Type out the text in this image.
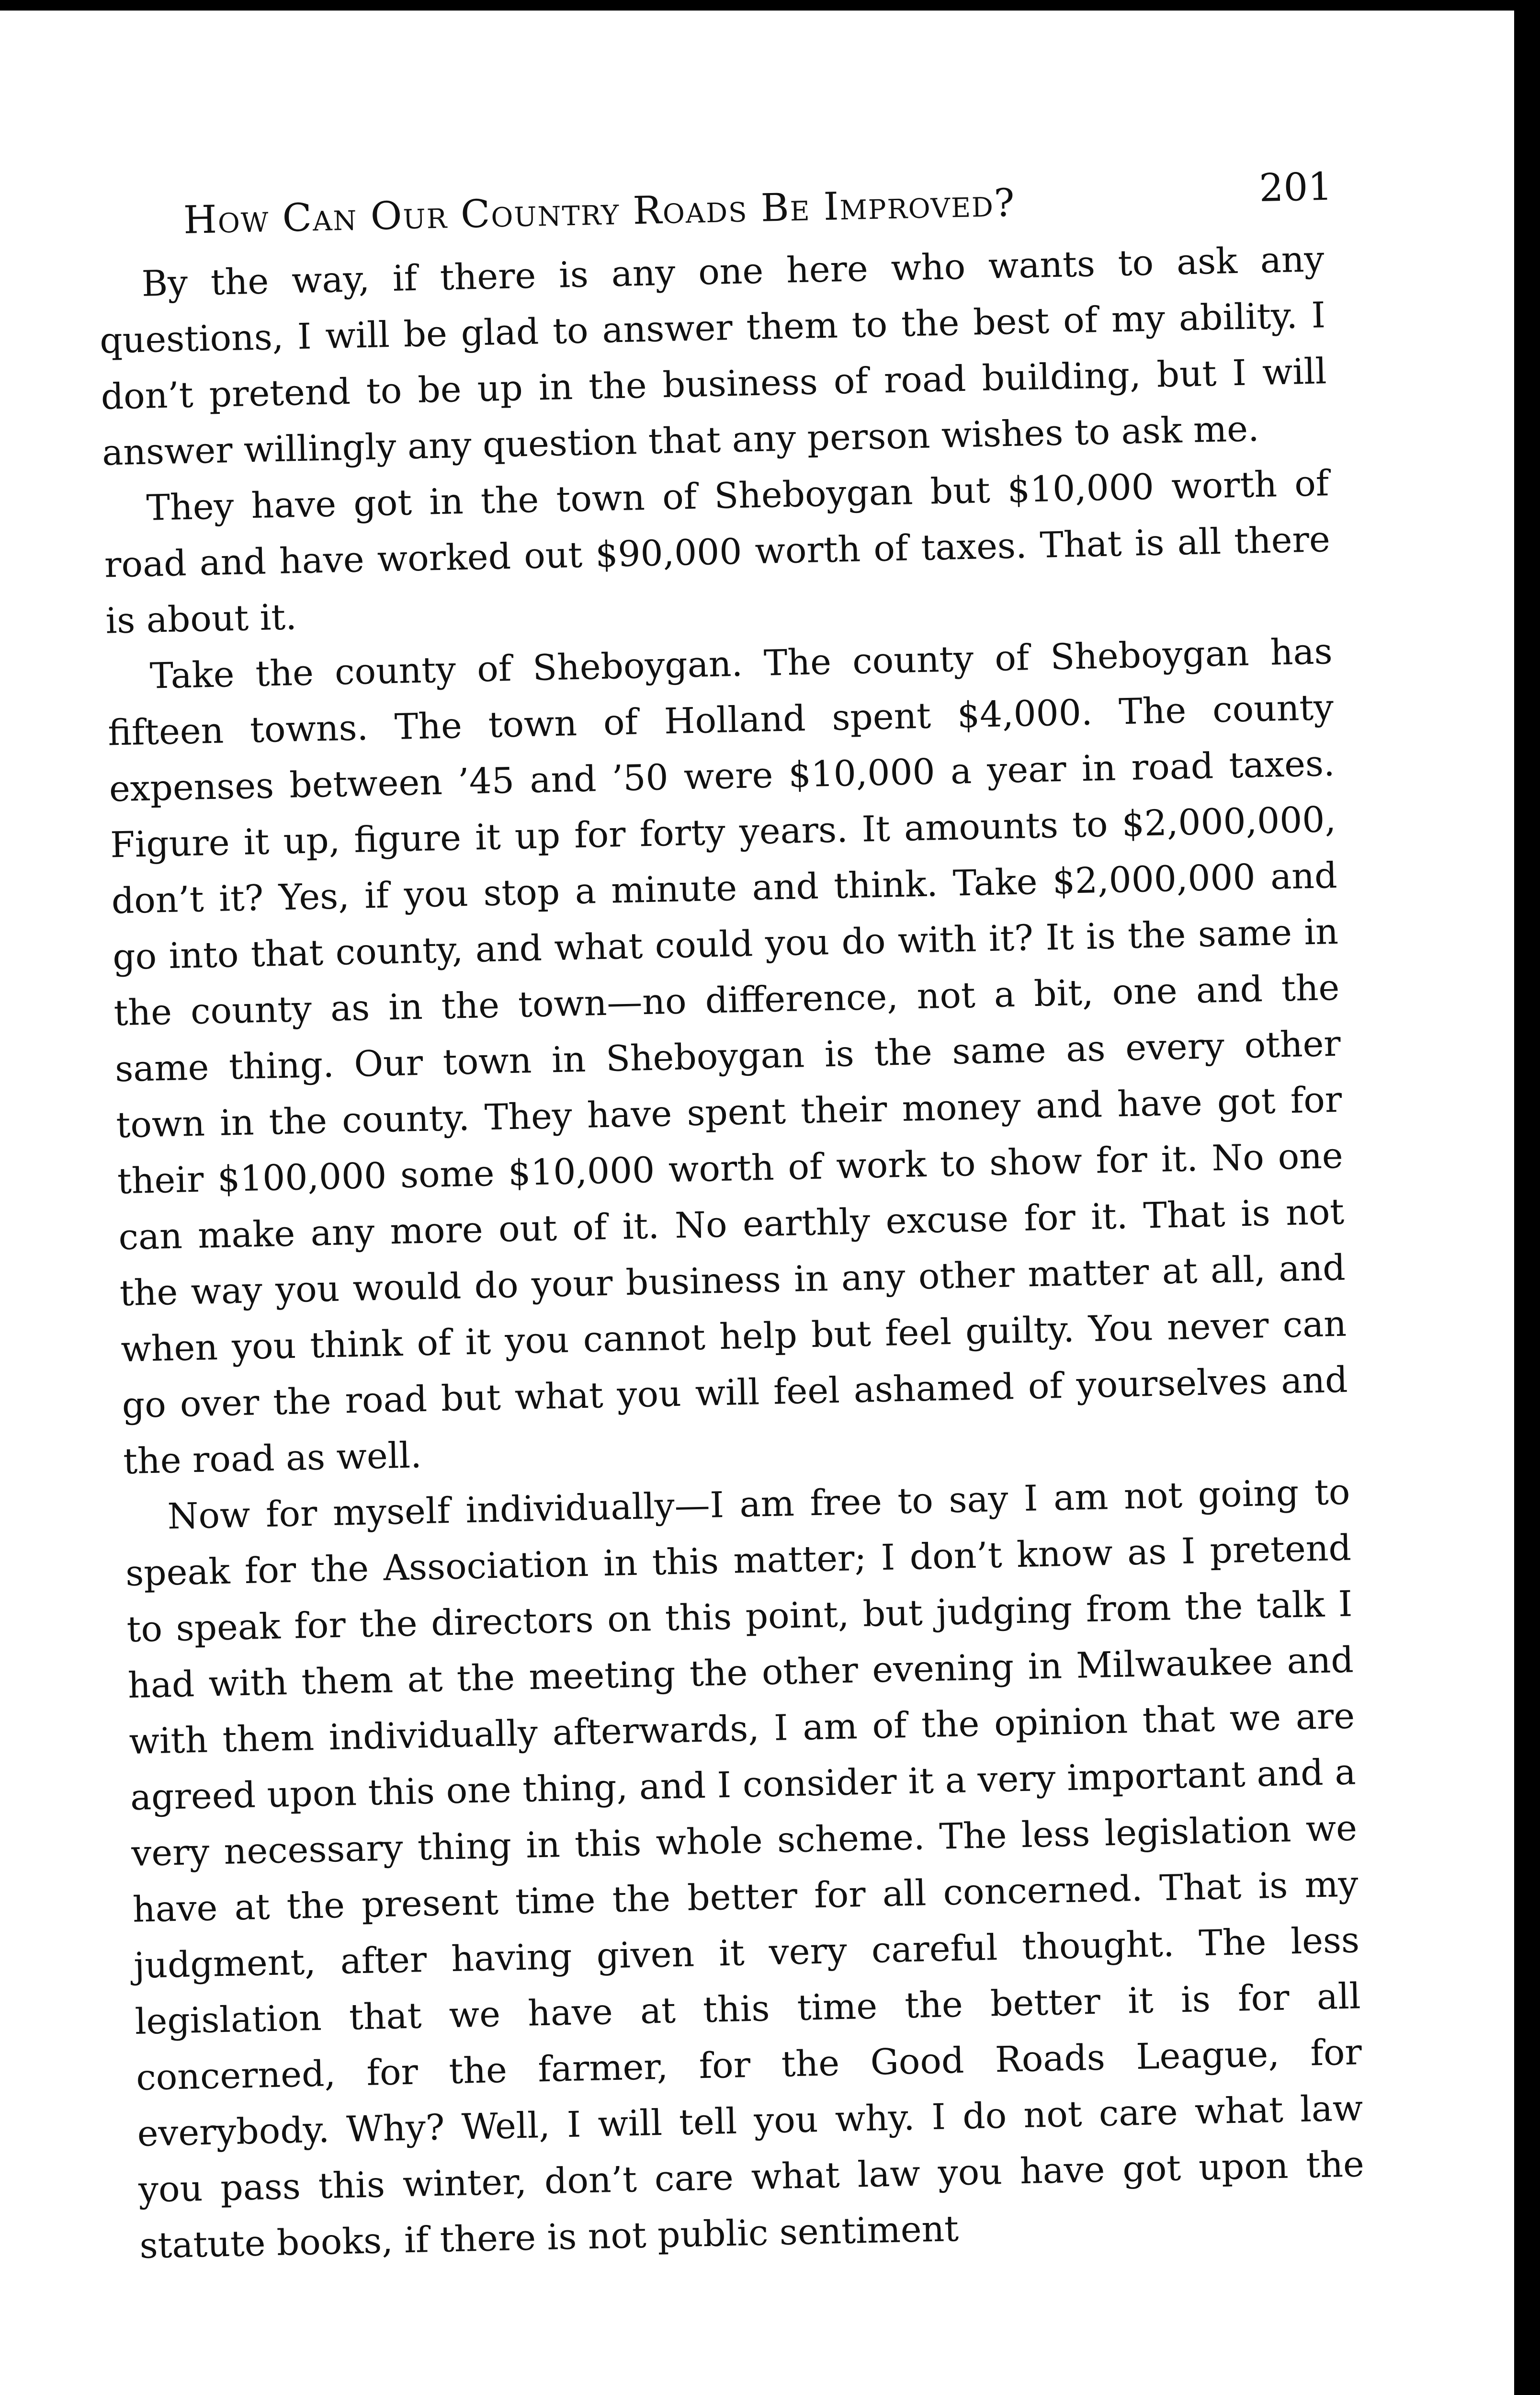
How Can Our Country Roads Be Improved?	201

By the way, if there is any one here who wants to ask any questions, I will be glad to answer them to the best of my ability. I don’t pretend to be up in the business of road building, but I will answer willingly any question that any person wishes to ask me.

They have got in the town of Sheboygan but $10,000 worth of road and have worked out $90,000 worth of taxes. That is all there is about it.

Take the county of Sheboygan. The county of Sheboygan has fifteen towns. The town of Holland spent $4,000. The county expenses between ’45 and ’50 were $10,000 a year in road taxes. Figure it up, figure it up for forty years. It amounts to $2,000,000, don’t it? Yes, if you stop a minute and think. Take $2,000,000 and go into that county, and what could you do with it? It is the same in the county as in the town—no difference, not a bit, one and the same thing. Our town in Sheboygan is the same as every other town in the county. They have spent their money and have got for their $100,000 some $10,000 worth of work to show for it. No one can make any more out of it. No earthly excuse for it. That is not the way you would do your business in any other matter at all, and when you think of it you cannot help but feel guilty. You never can go over the road but what you will feel ashamed of yourselves and the road as well.

Now for myself individually—I am free to say I am not going to speak for the Association in this matter; I don’t know as I pretend to speak for the directors on this point, but judging from the talk I had with them at the meeting the other evening in Milwaukee and with them individually afterwards, I am of the opinion that we are agreed upon this one thing, and I consider it a very important and a very necessary thing in this whole scheme. The less legislation we have at the present time the better for all concerned. That is my judgment, after having given it very careful thought. The less legislation that we have at this time the better it is for all concerned, for the farmer, for the Good Roads League, for everybody. Why? Well, I will tell you why. I do not care what law you pass this winter, don’t care what law you have got upon the statute books, if there is not public sentiment
